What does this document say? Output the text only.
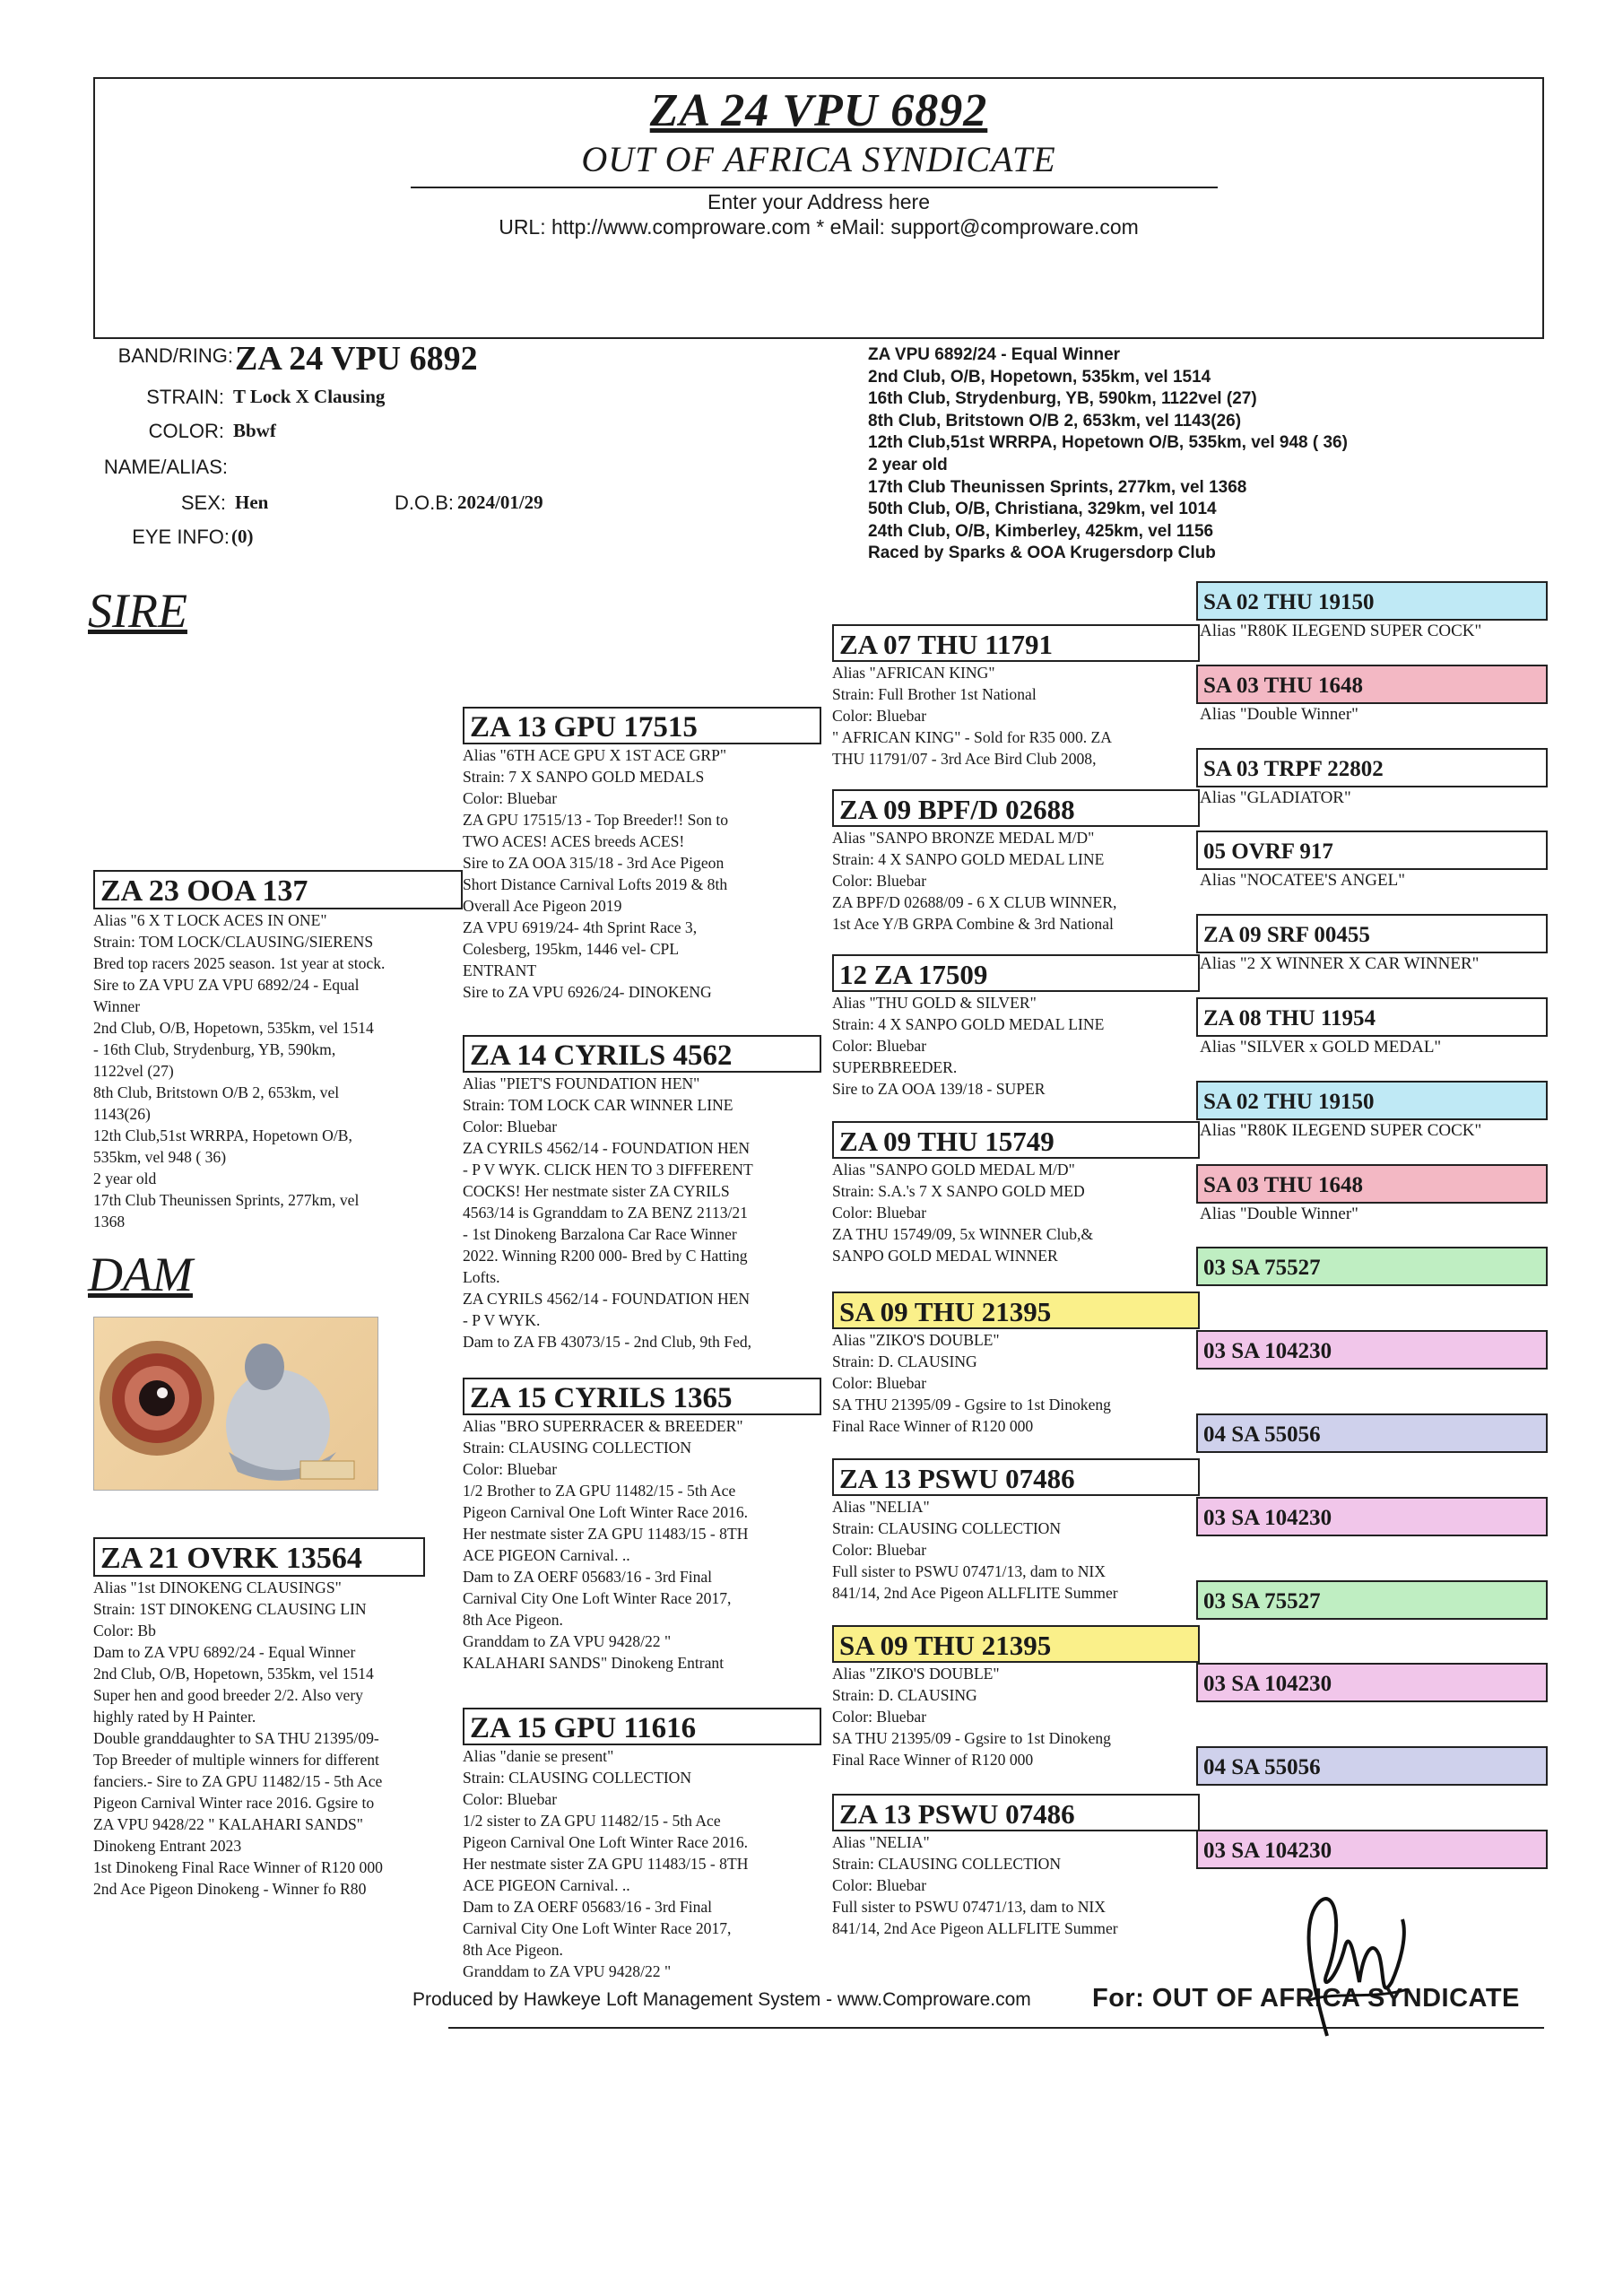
ZA 24 VPU 6892
OUT OF AFRICA SYNDICATE
Enter your Address here
URL: http://www.comproware.com * eMail: support@comproware.com
BAND/RING: ZA 24 VPU 6892
STRAIN: T Lock X Clausing
COLOR: Bbwf
NAME/ALIAS:
SEX: Hen	D.O.B: 2024/01/29
EYE INFO: (0)
ZA VPU 6892/24 - Equal Winner
2nd Club, O/B, Hopetown, 535km, vel 1514
16th Club, Strydenburg, YB, 590km, 1122vel (27)
8th Club, Britstown O/B 2, 653km, vel 1143(26)
12th Club,51st WRRPA, Hopetown O/B, 535km, vel 948 ( 36)
2 year old
17th Club Theunissen Sprints, 277km, vel 1368
50th Club, O/B, Christiana, 329km, vel 1014
24th Club, O/B, Kimberley, 425km, vel 1156
Raced by Sparks & OOA Krugersdorp Club
SIRE
DAM
ZA 23 OOA 137
Alias "6 X T LOCK ACES IN ONE"
Strain: TOM LOCK/CLAUSING/SIERENS
Bred top racers 2025 season. 1st year at stock.
Sire to ZA VPU ZA VPU 6892/24 - Equal
Winner
2nd Club, O/B, Hopetown, 535km, vel 1514
- 16th Club, Strydenburg, YB, 590km,
1122vel (27)
8th Club, Britstown O/B 2, 653km, vel
1143(26)
12th Club,51st WRRPA, Hopetown O/B,
535km, vel 948 ( 36)
2 year old
17th Club Theunissen Sprints, 277km, vel
1368
ZA 21 OVRK 13564
Alias "1st DINOKENG CLAUSINGS"
Strain: 1ST DINOKENG CLAUSING LIN
Color: Bb
Dam to ZA VPU 6892/24 - Equal Winner
2nd Club, O/B, Hopetown, 535km, vel 1514
Super hen and good breeder 2/2. Also very
highly rated by H Painter.
Double granddaughter to SA THU 21395/09-
Top Breeder of multiple winners for different
fanciers.- Sire to ZA GPU 11482/15 - 5th Ace
Pigeon Carnival Winter race 2016. Ggsire to
ZA VPU 9428/22 " KALAHARI SANDS"
Dinokeng Entrant 2023
1st Dinokeng Final Race Winner of R120 000
2nd Ace Pigeon Dinokeng - Winner fo R80
ZA 13 GPU 17515
Alias "6TH ACE GPU X 1ST ACE GRP"
Strain: 7 X SANPO GOLD MEDALS
Color: Bluebar
ZA GPU 17515/13 - Top Breeder!! Son to
TWO ACES! ACES breeds ACES!
Sire to ZA OOA 315/18 - 3rd Ace Pigeon
Short Distance Carnival Lofts 2019 & 8th
Overall Ace Pigeon 2019
ZA VPU 6919/24- 4th Sprint Race 3,
Colesberg, 195km, 1446 vel- CPL
ENTRANT
Sire to ZA VPU 6926/24- DINOKENG
ZA 14 CYRILS 4562
Alias "PIET'S FOUNDATION HEN"
Strain: TOM LOCK CAR WINNER LINE
Color: Bluebar
ZA CYRILS 4562/14 - FOUNDATION HEN
- P V WYK. CLICK HEN TO 3 DIFFERENT
COCKS! Her nestmate sister ZA CYRILS
4563/14 is Ggranddam to ZA BENZ 2113/21
- 1st Dinokeng Barzalona Car Race Winner
2022. Winning R200 000- Bred by C Hatting
Lofts.
ZA CYRILS 4562/14 - FOUNDATION HEN
- P V WYK.
Dam to ZA FB 43073/15 - 2nd Club, 9th Fed,
ZA 15 CYRILS 1365
Alias "BRO SUPERRACER & BREEDER"
Strain: CLAUSING COLLECTION
Color: Bluebar
1/2 Brother to ZA GPU 11482/15 - 5th Ace
Pigeon Carnival One Loft Winter Race 2016.
Her nestmate sister ZA GPU 11483/15 - 8TH
ACE PIGEON Carnival. ..
Dam to ZA OERF 05683/16 - 3rd Final
Carnival City One Loft Winter Race 2017,
8th Ace Pigeon.
Granddam to ZA VPU 9428/22 "
KALAHARI SANDS" Dinokeng Entrant
ZA 15 GPU 11616
Alias "danie se present"
Strain: CLAUSING COLLECTION
Color: Bluebar
1/2 sister to ZA GPU 11482/15 - 5th Ace
Pigeon Carnival One Loft Winter Race 2016.
Her nestmate sister ZA GPU 11483/15 - 8TH
ACE PIGEON Carnival. ..
Dam to ZA OERF 05683/16 - 3rd Final
Carnival City One Loft Winter Race 2017,
8th Ace Pigeon.
Granddam to ZA VPU 9428/22 "
ZA 07 THU 11791
Alias "AFRICAN KING"
Strain: Full Brother 1st National
Color: Bluebar
" AFRICAN KING" - Sold for R35 000. ZA
THU 11791/07 - 3rd Ace Bird Club 2008,
ZA 09 BPF/D 02688
Alias "SANPO BRONZE MEDAL M/D"
Strain: 4 X SANPO GOLD MEDAL LINE
Color: Bluebar
ZA BPF/D 02688/09 - 6 X CLUB WINNER,
1st Ace Y/B GRPA Combine & 3rd National
12 ZA 17509
Alias "THU GOLD & SILVER"
Strain: 4 X SANPO GOLD MEDAL LINE
Color: Bluebar
SUPERBREEDER.
Sire to ZA OOA 139/18 - SUPER
ZA 09 THU 15749
Alias "SANPO GOLD MEDAL M/D"
Strain: S.A.'s 7 X SANPO GOLD MED
Color: Bluebar
ZA THU 15749/09, 5x WINNER Club,&
SANPO GOLD MEDAL WINNER
SA 09 THU 21395
Alias "ZIKO'S DOUBLE"
Strain: D. CLAUSING
Color: Bluebar
SA THU 21395/09 - Ggsire to 1st Dinokeng
Final Race Winner of R120 000
ZA 13 PSWU 07486
Alias "NELIA"
Strain: CLAUSING COLLECTION
Color: Bluebar
Full sister to PSWU 07471/13, dam to NIX
841/14, 2nd Ace Pigeon ALLFLITE Summer
SA 09 THU 21395
Alias "ZIKO'S DOUBLE"
Strain: D. CLAUSING
Color: Bluebar
SA THU 21395/09 - Ggsire to 1st Dinokeng
Final Race Winner of R120 000
ZA 13 PSWU 07486
Alias "NELIA"
Strain: CLAUSING COLLECTION
Color: Bluebar
Full sister to PSWU 07471/13, dam to NIX
841/14, 2nd Ace Pigeon ALLFLITE Summer
SA 02 THU 19150
Alias "R80K ILEGEND SUPER COCK"
SA 03 THU 1648
Alias "Double Winner"
SA 03 TRPF 22802
Alias "GLADIATOR"
05 OVRF 917
Alias "NOCATEE'S ANGEL"
ZA 09 SRF 00455
Alias "2 X WINNER X CAR WINNER"
ZA 08 THU 11954
Alias "SILVER x GOLD MEDAL"
SA 02 THU 19150
Alias "R80K ILEGEND SUPER COCK"
SA 03 THU 1648
Alias "Double Winner"
03 SA 75527
03 SA 104230
04 SA 55056
03 SA 104230
03 SA 75527
03 SA 104230
04 SA 55056
03 SA 104230
Produced by Hawkeye Loft Management System - www.Comproware.com For: OUT OF AFRICA SYNDICATE
